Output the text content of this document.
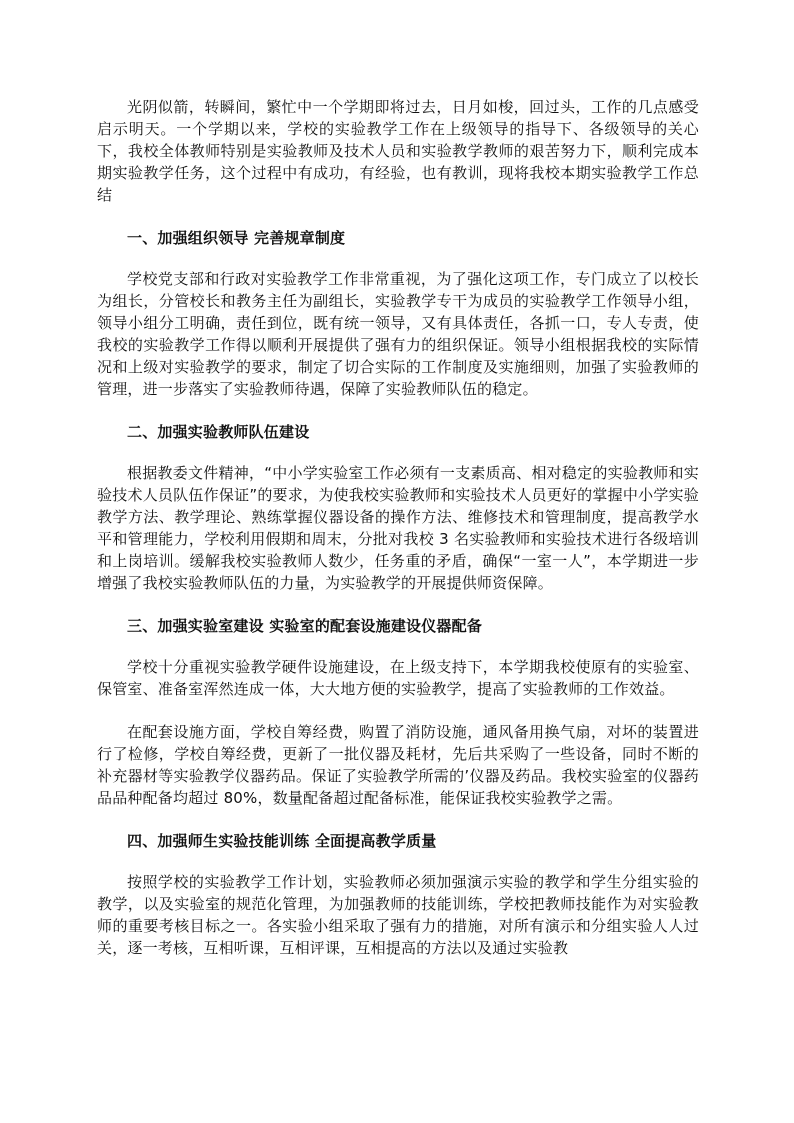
光阴似箭，转瞬间，繁忙中一个学期即将过去，日月如梭，回过头，工作的几点感受启示明天。一个学期以来，学校的实验教学工作在上级领导的指导下、各级领导的关心下，我校全体教师特别是实验教师及技术人员和实验教学教师的艰苦努力下，顺利完成本期实验教学任务，这个过程中有成功，有经验，也有教训，现将我校本期实验教学工作总结

一、加强组织领导 完善规章制度

学校党支部和行政对实验教学工作非常重视，为了强化这项工作，专门成立了以校长为组长，分管校长和教务主任为副组长，实验教学专干为成员的实验教学工作领导小组，领导小组分工明确，责任到位，既有统一领导，又有具体责任，各抓一口，专人专责，使我校的实验教学工作得以顺利开展提供了强有力的组织保证。领导小组根据我校的实际情况和上级对实验教学的要求，制定了切合实际的工作制度及实施细则，加强了实验教师的管理，进一步落实了实验教师待遇，保障了实验教师队伍的稳定。

二、加强实验教师队伍建设

根据教委文件精神，“中小学实验室工作必须有一支素质高、相对稳定的实验教师和实验技术人员队伍作保证”的要求，为使我校实验教师和实验技术人员更好的掌握中小学实验教学方法、教学理论、熟练掌握仪器设备的操作方法、维修技术和管理制度，提高教学水平和管理能力，学校利用假期和周末，分批对我校 3 名实验教师和实验技术进行各级培训和上岗培训。缓解我校实验教师人数少，任务重的矛盾，确保“一室一人”，本学期进一步增强了我校实验教师队伍的力量，为实验教学的开展提供师资保障。

三、加强实验室建设 实验室的配套设施建设仪器配备

学校十分重视实验教学硬件设施建设，在上级支持下，本学期我校使原有的实验室、保管室、准备室浑然连成一体，大大地方便的实验教学，提高了实验教师的工作效益。

在配套设施方面，学校自筹经费，购置了消防设施，通风备用换气扇，对坏的装置进行了检修，学校自筹经费，更新了一批仪器及耗材，先后共采购了一些设备，同时不断的补充器材等实验教学仪器药品。保证了实验教学所需的’仪器及药品。我校实验室的仪器药品品种配备均超过 80%，数量配备超过配备标准，能保证我校实验教学之需。

四、加强师生实验技能训练 全面提高教学质量

按照学校的实验教学工作计划，实验教师必须加强演示实验的教学和学生分组实验的教学，以及实验室的规范化管理，为加强教师的技能训练，学校把教师技能作为对实验教师的重要考核目标之一。各实验小组采取了强有力的措施，对所有演示和分组实验人人过关，逐一考核，互相听课，互相评课，互相提高的方法以及通过实验教
